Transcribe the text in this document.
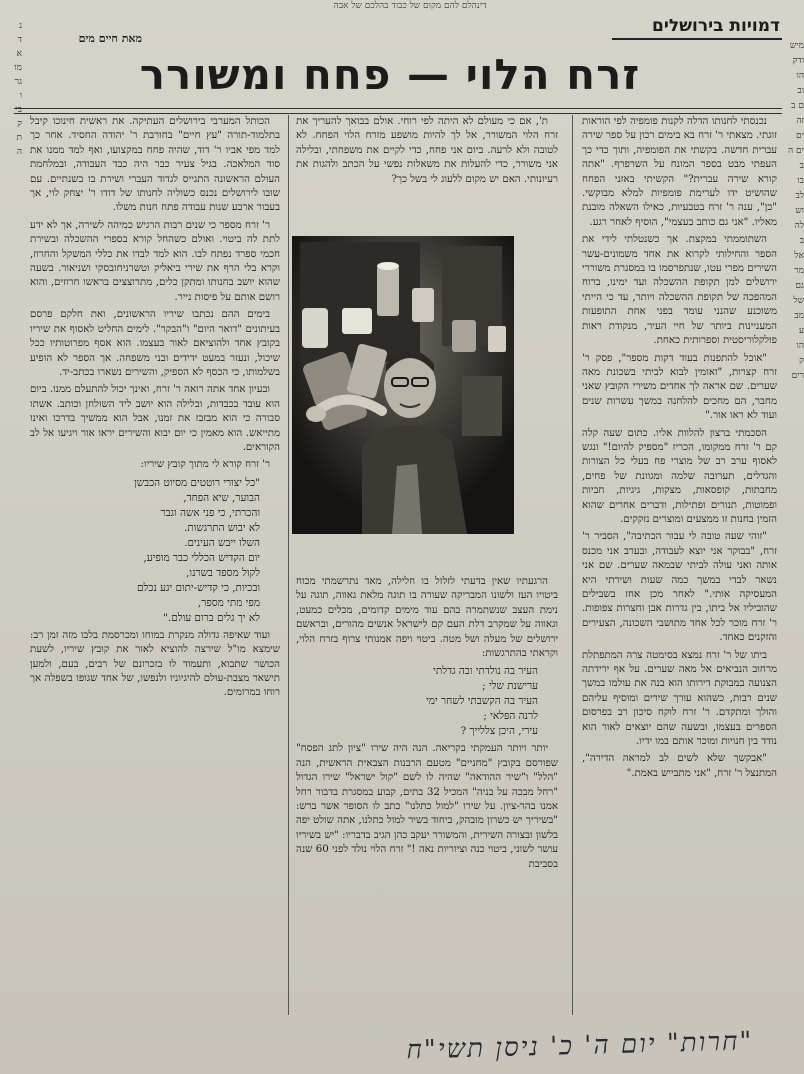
דינהלם להם מקום של כבוד בהלכם של אבה

נ

ד

א

מו

גר

ו

בי

ק

ת

ה

מיש

ודק

הו

וב

ם ב

זה

ים

ים ה

ב

בו

לב

וש

לה

ב

אל

מר

גם

של

מב

ע

הו

ק

רים

דמויות בירושלים
מאת חיים מים
זרח הלוי — פחח ומשורר

נכנסתי לחנותו הדלה לקנות פומפיה לפי הוראות זוגתי. מצאתי ר' זרח בא בימים רכון על ספר שירה עברית חדשה. בקשתי את הפומפיה, ותוך כדי כך העפתי מבט בספר המונח על השרפרף. "אתה קורא שירה עברית?" הקשיתי באזני הפחח שהושיט ידו לערימת פומפיות למלא מבוקשי. "כן", ענה ר' זרח בטבעיות, כאילו השאלה מובנת מאליו. "אני גם כותב בעצמי", הוסיף לאחר רגע.

השתוממתי במקצת. אך כשנטלתי לידי את הספר והחילותי לקרוא את אחד משמונים-עשר השירים מפרי עטו, שנתפרסמו בו במסגרת משוררי ירושלים למן תקופת ההשכלה ועד ימינו, ברוח המהפכה של תקופת ההשכלה ויותר, עד כי הייתי משוכנע שהנני עומד בפני אחת התופעות המעניינות ביותר של חיי העיר, מנקודת ראות פולקלוריסטית וספרותית כאחת.

"אוכל להתפנות בעוד דקות מספר", פסק ר' זרח קצרות, "ואומין לבוא לביתי בשכונת מאה שערים. שם אראה לך אחדים משירי הקובץ שאני מחבר, הם מחכים להלחנה במשך עשרות שנים ועוד לא ראו אור."

הסכמתי ברצון להלוות אליו. כתום שעה קלה קם ר' זרח ממקומו, הכריז "מספיק להיום!" ונגש לאסוף ערב רב של מוצרי פח בעלי כל הצורות והגדלים, תערובה שלמה ומגוונת של פחים, מחבתות, קופסאות, מצקות, גיגיות, חביות ופמוטות, תנורים ופתילות, ודברים אחרים שהוא הזמין בחנות זו ממצעים ומוצרים נזקקים.

"זוהי שעה טובה לי עבור הכתיבה", הסביר ר' זרח, "בבוקר אני יוצא לעבודה, ובערב אני מכנס אותה ואני עולה לביתי שבמאה שערים. שם אני נשאר לבדי במשך כמה שעות ושירתי היא המעסיקה אותי." לאחר מכן אחז בשבילים שהוביליו אל ביתו, בין גדרות אבן וחצרות צפופות. ר' זרח מוכר לכל אחד מתושבי השכונה, הצעירים והזקנים כאחד.

ביתו של ר' זרח נמצא בסימטה צרה המתפתלת מרחוב הנביאים אל מאה שערים. על אף ירידתה הצנועה במבוקת דירותו הוא בנה את עולמו במשך שנים רבות, כשהוא עורך שירים ומוסיף עליהם והולך ומתקדם. ר' זרח לוקח סיכון רב בפרסום הספרים בעצמו, ובשעה שהם יוצאים לאור הוא נודד בין חנויות ומוכר אותם במו ידיו.

"אבקשך שלא לשים לב למראה הדירה", המתנצל ר' זרח, "אני מתבייש באמת."

ת', אם כי מעולם לא היתה לפי רוחי. אולם בבואך להעריך את זרח הלוי המשורר, אל לך להיות מושפע מזרח הלוי הפחח. לא לטובה ולא לרעה. ביום אני פחח, כדי לקיים את משפחתי, ובלילה אני משורר, כדי להעלות את משאלות נפשי על הכתב ולהגות את רעיונותי. האם יש מקום ללעוג לי בשל כך?

הרגעתיו שאין בדעתי לזלזל בו חלילה, מאד נתרשמתי מכוח ביטויו העז ולשונו המבריקה שעורה בו תוגה מלאת גאווה, תוגה על נימת העצב שנשתמרה בהם עוד מימים קדומים, מכלים כמעט, וגאווה על שמקרב דלת העם קם לישראל אנשים מהורים, ובראשם ירושלים של מעלה ושל מטה. ביטוי ויפה אמנותי צרוף בזרח הלוי, וקראתי בהתרגשות:

העיר בה נולדתי ובה גדלתי
ערישנת שלי ;
העיר בה הקשבתי לשחר ימי
לרנה הפלאי ;
עירי, היכן צללייך ?

יותר ויותר העמקתי בקריאה. הנה היה שירו "ציון לתג הפסח" שפורסם בקובץ "מחניים" מטעם הרבנות הצבאית הראשית, הנה "הלל" ו"שיר ההודאה" שהיה לו לשם "קול ישראל" שירו הגדול "רחל מבכה על בניה" המכיל 32 בתים, קבוע במסגרת בדבור רחל אמנו בהר-ציון. על שירו "למול כתלנו" כתב לו הסופר אשר ברש: "בשיריך יש כשרון מובהק, ביחוד בשיר למול כתלנו, אתה שולט יפה בלשון ובצורה השירית, והמשורר יעקב כהן הגיב בדבריו: "יש בשיריו עושר לשוני, ביטוי כנה וציוריות נאה !" זרח הלוי נולד לפני 60 שנה בסביבת

הכותל המערבי בירושלים העתיקה. את ראשית חינוכו קיבל בתלמוד-תורה "עץ חיים" בחורבת ר' יהודה החסיד. אחר כך למד מפי אביו ר' דוד, שהיה פחח במקצועו, ואף למד ממנו את סוד המלאכה. בגיל צעיר כבר היה כבד העבודה, ובמלחמת העולם הראשונה התגייס לגדוד העברי ושירת בו בשנתיים. עם שובו לירושלים נכנס כשוליה לחנותו של דודו ר' יצחק לוי, אך בעבור ארבע שנות עבודה פתח חנות משלו.

ר' זרח מספר כי שנים רבות הרגיש כמיהה לשירה, אך לא ידע לתת לה ביטוי. ואולם כשהחל קורא בספרי ההשכלה ובשירת חכמי ספרד נפתח לבו. הוא למד לבדו את כללי המשקל והחרוז, וקרא בלי הרף את שירי ביאליק וטשרניחובסקי ושניאור. בשעה שהוא יושב בחנותו ומתקן כלים, מתרוצצים בראשו חרוזים, והוא רושם אותם על פיסות נייר.

בימים ההם נכתבו שיריו הראשונים, ואת חלקם פרסם בעיתונים "דואר היום" ו"הבקר". לימים החליט לאסוף את שיריו בקובץ אחד ולהוציאם לאור בעצמו. הוא אסף מפרוטותיו ככל שיכול, ונעזר במעט ידידים ובני משפחה. אך הספר לא הופיע בשלמותו, כי הכסף לא הספיק, והשירים נשארו בכתב-יד.

ובעיון אחד אתה רואה ר' זרח, ואינך יכול להתעלם ממנו. ביום הוא עובד בכבדות, ובלילה הוא יושב ליד השולחן וכותב. אשתו סבורה כי הוא מבזבז את זמנו, אבל הוא ממשיך בדרכו ואינו מתייאש. הוא מאמין כי יום יבוא והשירים יראו אור ויגיעו אל לב הקוראים.

ר' זרח קורא לי מתוך קובץ שיריו:

"כל יצורי רוטטים מסיוט הכבשן
הבוער, שיא הפחד,
והכרתי, כי פני אשה וגבר
לא יבוש התרגשות.
השלו ייבש העינים.
יום הקדיש הכללי כבר מופיע,
לקול מספד בשרנו,
ובכיות, כי קדיש-יתום יגע נכלם
מפי מתי מספר,
לא יך גלים ברום עולם."

ועוד שאיפה גדולה מנקרת במוחו ומכרסמת בלבו מזה זמן רב: שימצא מו"ל שירצה להוציא לאור את קובץ שיריו, לשעת הכושר שתבוא, ותעמוד לו בזכרונם של רבים, בעם, ולמען תישאר מצבת-עולם להיגיוניו ולנפשו, של אחד שגופו בשפלה אך רוחו במרומים.

"חרות" יום ה' כ' ניסן תשי"ח
